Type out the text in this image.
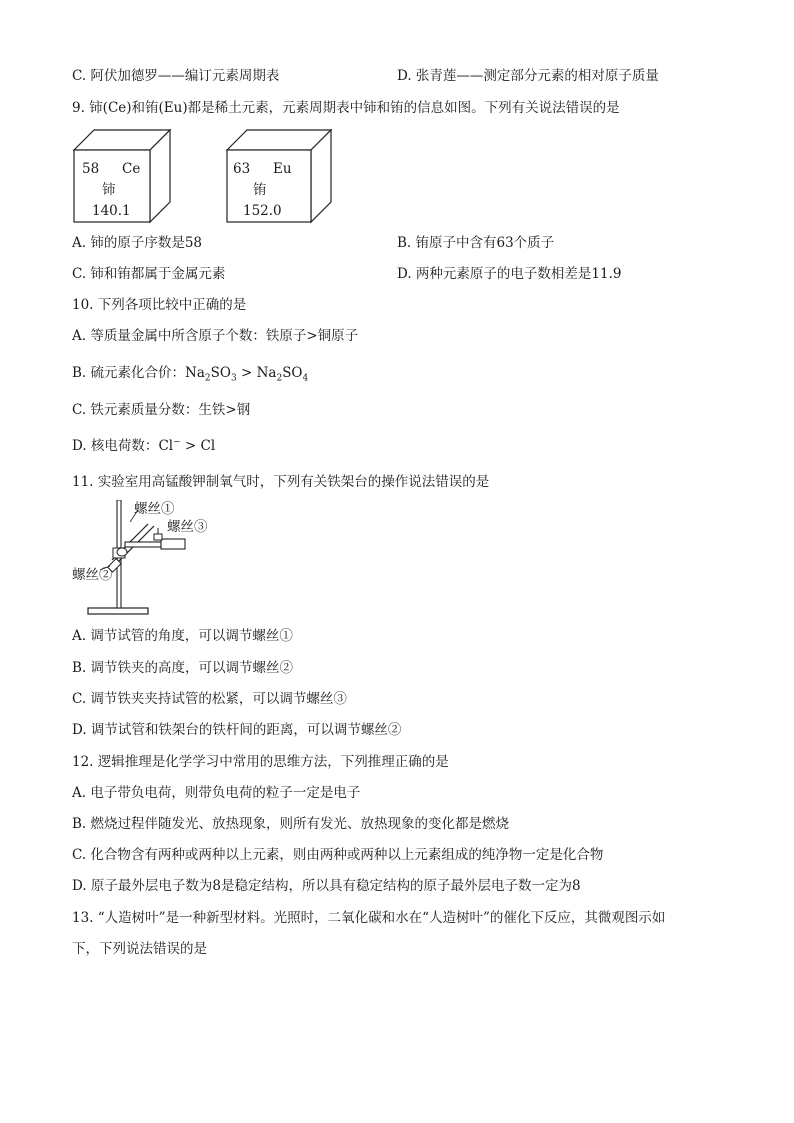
C. 阿伏加德罗——编订元素周期表	D. 张青莲——测定部分元素的相对原子质量
9. 铈(Ce)和铕(Eu)都是稀土元素，元素周期表中铈和铕的信息如图。下列有关说法错误的是
58 Ce
铈
140.1
63 Eu
铕
152.0
A. 铈的原子序数是58	B. 铕原子中含有63个质子
C. 铈和铕都属于金属元素	D. 两种元素原子的电子数相差是11.9
10. 下列各项比较中正确的是
A. 等质量金属中所含原子个数：铁原子>铜原子
B. 硫元素化合价：$Na_2SO_3 > Na_2SO_4$
C. 铁元素质量分数：生铁>钢
D. 核电荷数：Cl− > Cl
11. 实验室用高锰酸钾制氧气时，下列有关铁架台的操作说法错误的是
螺丝①
螺丝③
螺丝②
A. 调节试管的角度，可以调节螺丝①
B. 调节铁夹的高度，可以调节螺丝②
C. 调节铁夹夹持试管的松紧，可以调节螺丝③
D. 调节试管和铁架台的铁杆间的距离，可以调节螺丝②
12. 逻辑推理是化学学习中常用的思维方法，下列推理正确的是
A. 电子带负电荷，则带负电荷的粒子一定是电子
B. 燃烧过程伴随发光、放热现象，则所有发光、放热现象的变化都是燃烧
C. 化合物含有两种或两种以上元素，则由两种或两种以上元素组成的纯净物一定是化合物
D. 原子最外层电子数为8是稳定结构，所以具有稳定结构的原子最外层电子数一定为8
13. “人造树叶”是一种新型材料。光照时，二氧化碳和水在“人造树叶”的催化下反应，其微观图示如
下，下列说法错误的是
